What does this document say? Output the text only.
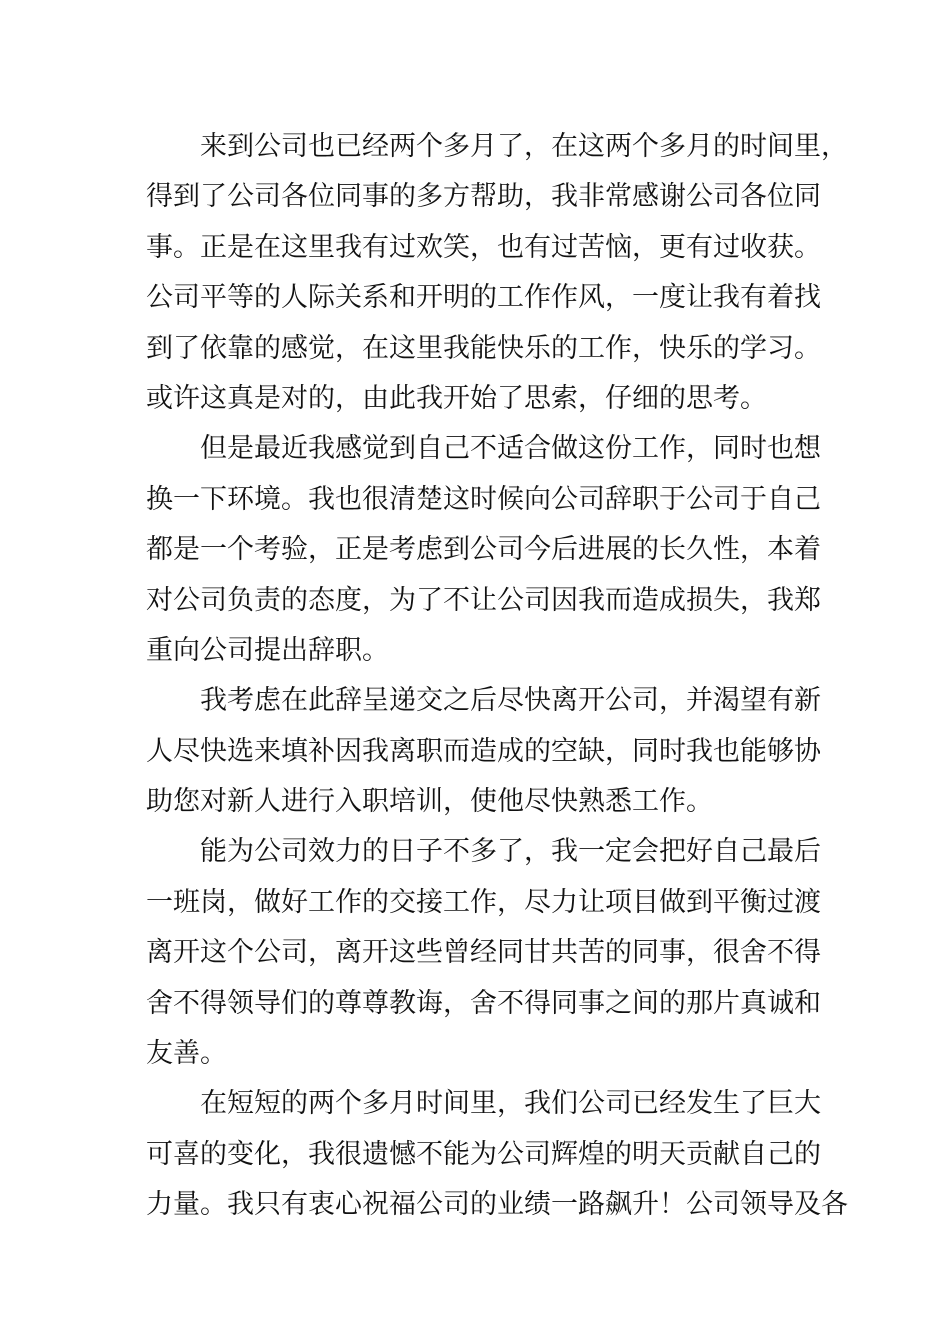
来到公司也已经两个多月了，在这两个多月的时间里，
得到了公司各位同事的多方帮助，我非常感谢公司各位同
事。正是在这里我有过欢笑，也有过苦恼，更有过收获。
公司平等的人际关系和开明的工作作风，一度让我有着找
到了依靠的感觉，在这里我能快乐的工作，快乐的学习。
或许这真是对的，由此我开始了思索，仔细的思考。
但是最近我感觉到自己不适合做这份工作，同时也想
换一下环境。我也很清楚这时候向公司辞职于公司于自己
都是一个考验，正是考虑到公司今后进展的长久性，本着
对公司负责的态度，为了不让公司因我而造成损失，我郑
重向公司提出辞职。
我考虑在此辞呈递交之后尽快离开公司，并渴望有新
人尽快选来填补因我离职而造成的空缺，同时我也能够协
助您对新人进行入职培训，使他尽快熟悉工作。
能为公司效力的日子不多了，我一定会把好自己最后
一班岗，做好工作的交接工作，尽力让项目做到平衡过渡
离开这个公司，离开这些曾经同甘共苦的同事，很舍不得
舍不得领导们的尊尊教诲，舍不得同事之间的那片真诚和
友善。
在短短的两个多月时间里，我们公司已经发生了巨大
可喜的变化，我很遗憾不能为公司辉煌的明天贡献自己的
力量。我只有衷心祝福公司的业绩一路飙升！公司领导及各
